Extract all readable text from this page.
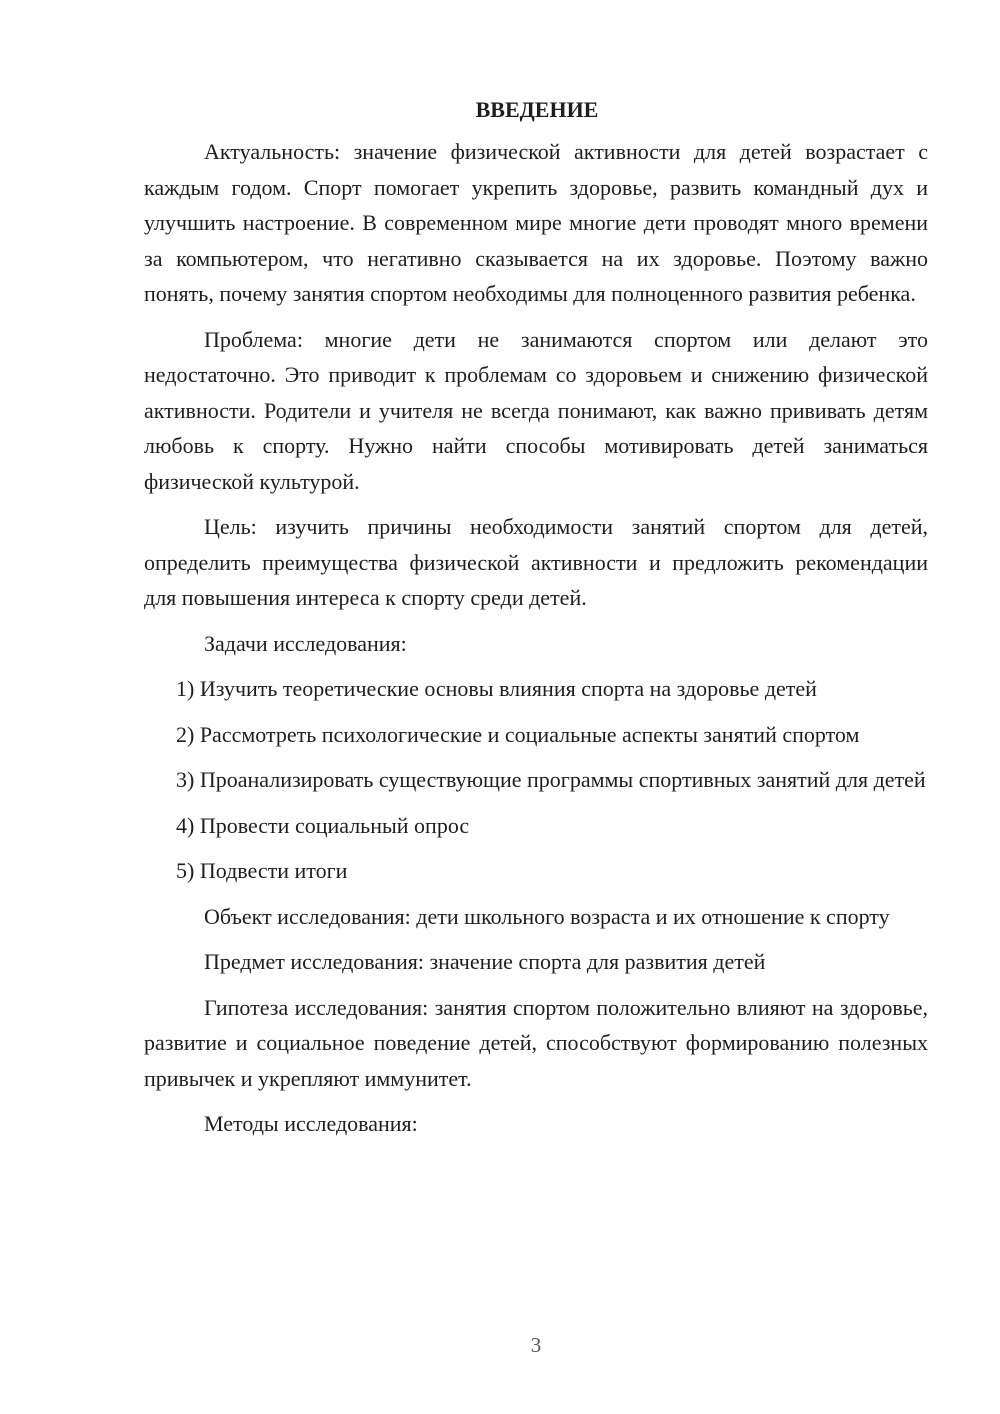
ВВЕДЕНИЕ

Актуальность: значение физической активности для детей возрастает с каждым годом. Спорт помогает укрепить здоровье, развить командный дух и улучшить настроение. В современном мире многие дети проводят много времени за компьютером, что негативно сказывается на их здоровье. Поэтому важно понять, почему занятия спортом необходимы для полноценного развития ребенка.

Проблема: многие дети не занимаются спортом или делают это недостаточно. Это приводит к проблемам со здоровьем и снижению физической активности. Родители и учителя не всегда понимают, как важно прививать детям любовь к спорту. Нужно найти способы мотивировать детей заниматься физической культурой.

Цель: изучить причины необходимости занятий спортом для детей, определить преимущества физической активности и предложить рекомендации для повышения интереса к спорту среди детей.

Задачи исследования:

1) Изучить теоретические основы влияния спорта на здоровье детей

2) Рассмотреть психологические и социальные аспекты занятий спортом

3) Проанализировать существующие программы спортивных занятий для детей

4) Провести социальный опрос

5) Подвести итоги

Объект исследования: дети школьного возраста и их отношение к спорту

Предмет исследования: значение спорта для развития детей

Гипотеза исследования: занятия спортом положительно влияют на здоровье, развитие и социальное поведение детей, способствуют формированию полезных привычек и укрепляют иммунитет.

Методы исследования:

3
